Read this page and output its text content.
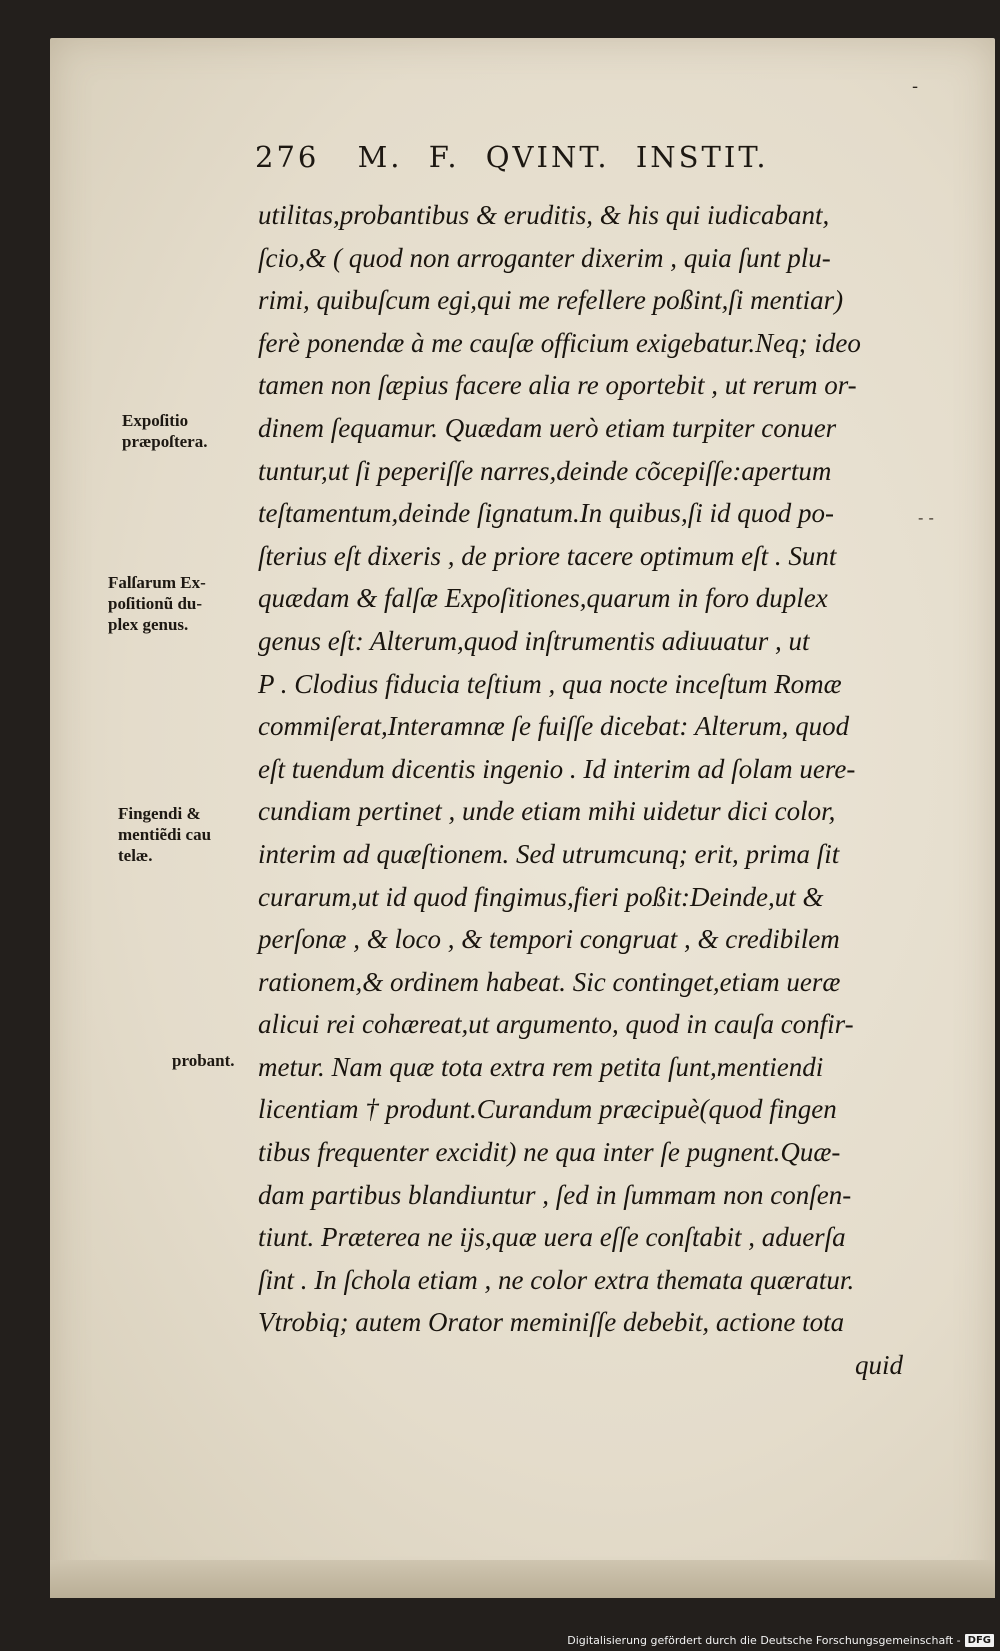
-
276 M. F. QVINT. INSTIT.
utilitas,probantibus & eruditis, & his qui iudicabant,
ſcio,& ( quod non arroganter dixerim , quia ſunt plu-
rimi, quibuſcum egi,qui me refellere poßint,ſi mentiar)
ferè ponendæ à me cauſæ officium exigebatur.Neq; ideo
tamen non ſæpius facere alia re oportebit , ut rerum or-
dinem ſequamur. Quædam uerò etiam turpiter conuer
tuntur,ut ſi peperiſſe narres,deinde cõcepiſſe:apertum
teſtamentum,deinde ſignatum.In quibus,ſi id quod po-
ſterius eſt dixeris , de priore tacere optimum eſt . Sunt
quædam & falſæ Expoſitiones,quarum in foro duplex
genus eſt: Alterum,quod inſtrumentis adiuuatur , ut
P . Clodius fiducia teſtium , qua nocte inceſtum Romæ
commiſerat,Interamnæ ſe fuiſſe dicebat: Alterum, quod
eſt tuendum dicentis ingenio . Id interim ad ſolam uere-
cundiam pertinet , unde etiam mihi uidetur dici color,
interim ad quæſtionem. Sed utrumcunq; erit, prima ſit
curarum,ut id quod fingimus,fieri poßit:Deinde,ut &
perſonæ , & loco , & tempori congruat , & credibilem
rationem,& ordinem habeat. Sic continget,etiam ueræ
alicui rei cohæreat,ut argumento, quod in cauſa confir-
metur. Nam quæ tota extra rem petita ſunt,mentiendi
licentiam † produnt.Curandum præcipuè(quod fingen
tibus frequenter excidit) ne qua inter ſe pugnent.Quæ-
dam partibus blandiuntur , ſed in ſummam non conſen-
tiunt. Præterea ne ijs,quæ uera eſſe conſtabit , aduerſa
ſint . In ſchola etiam , ne color extra themata quæratur.
Vtrobiq; autem Orator meminiſſe debebit, actione tota
quid
- -
Expoſitio
præpoſtera.
Falſarum Ex-
poſitionũ du-
plex genus.
Fingendi &
mentiẽdi cau
telæ.
probant.
Digitalisierung gefördert durch die Deutsche Forschungsgemeinschaft - DFG
